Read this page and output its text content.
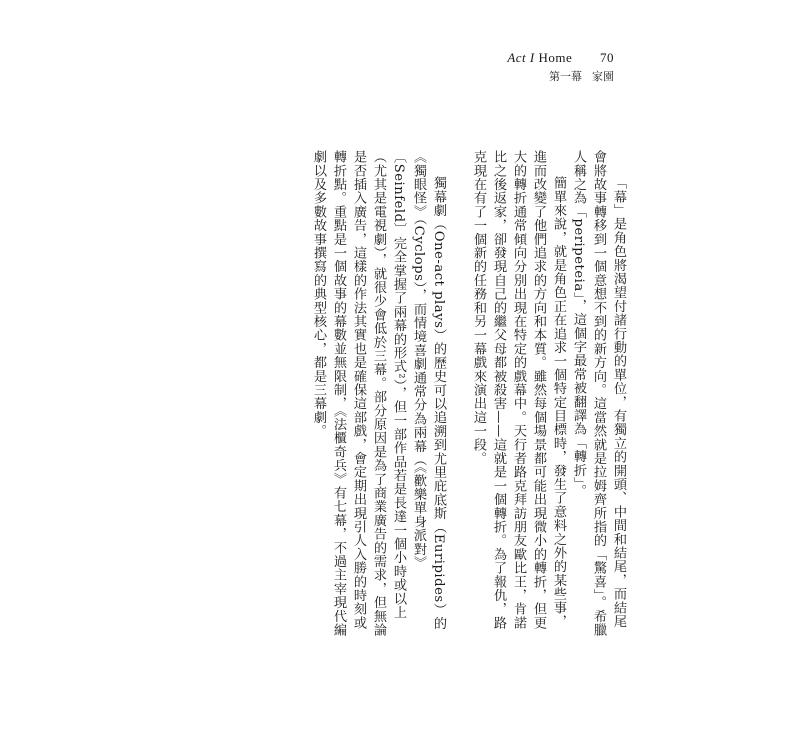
Act I Home 70
第一幕 家園

「幕」是角色將渴望付諸行動的單位，有獨立的開頭、中間和結尾，而結尾會將故事轉移到一個意想不到的新方向。這當然就是拉姆齊所指的「驚喜」。希臘人稱之為「peripeteia」，這個字最常被翻譯為「轉折」。

簡單來說，就是角色正在追求一個特定目標時，發生了意料之外的某些事，進而改變了他們追求的方向和本質。雖然每個場景都可能出現微小的轉折，但更大的轉折通常傾向分別出現在特定的戲幕中。天行者路克拜訪朋友歐比王，肯諾比之後返家，卻發現自己的繼父母都被殺害——這就是一個轉折。為了報仇，路克現在有了一個新的任務和另一幕戲來演出這一段。

獨幕劇（One-act plays）的歷史可以追溯到尤里庇底斯（Euripides）的《獨眼怪》（Cyclops），而情境喜劇通常分為兩幕（《歡樂單身派對》〔Seinfeld〕完全掌握了兩幕的形式²），但一部作品若是長達一個小時或以上（尤其是電視劇），就很少會低於三幕。部分原因是為了商業廣告的需求，但無論是否插入廣告，這樣的作法其實也是確保這部戲，會定期出現引人入勝的時刻或轉折點。重點是一個故事的幕數並無限制，《法櫃奇兵》有七幕，不過主宰現代編劇以及多數故事撰寫的典型核心，都是三幕劇。
